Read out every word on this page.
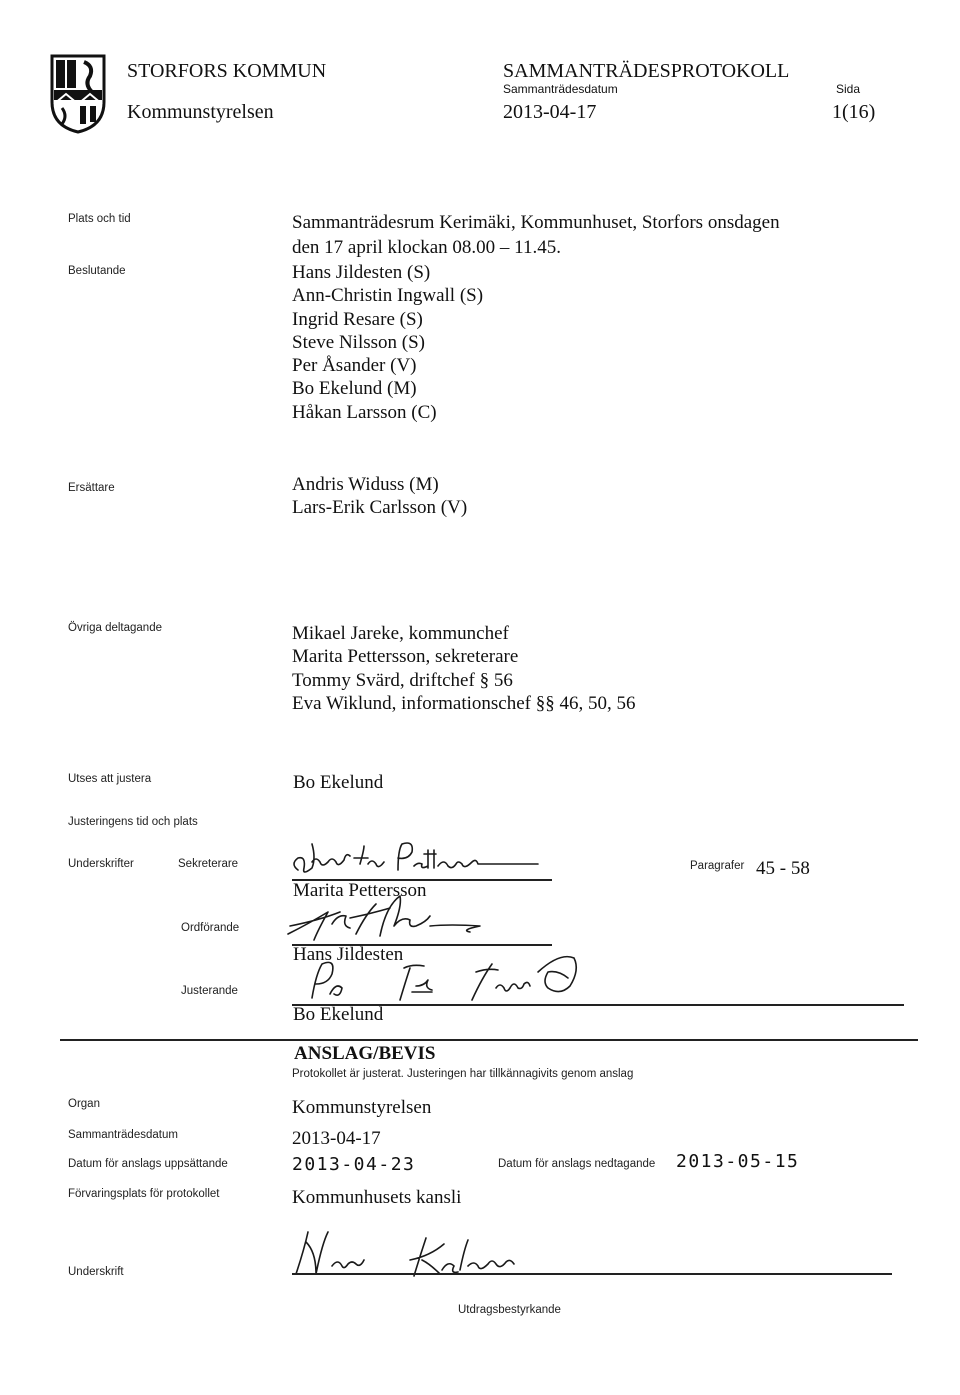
STORFORS KOMMUN
Kommunstyrelsen
SAMMANTRÄDESPROTOKOLL
Sammanträdesdatum
2013-04-17
Sida
1(16)
Plats och tid	Sammanträdesrum Kerimäki, Kommunhuset, Storfors onsdagen
den 17 april klockan 08.00 – 11.45.
Beslutande	Hans Jildesten (S)
Ann-Christin Ingwall (S)
Ingrid Resare (S)
Steve Nilsson (S)
Per Åsander (V)
Bo Ekelund (M)
Håkan Larsson (C)
Ersättare	Andris Widuss (M)
Lars-Erik Carlsson (V)
Övriga deltagande	Mikael Jareke, kommunchef
Marita Pettersson, sekreterare
Tommy Svärd, driftchef § 56
Eva Wiklund, informationschef §§ 46, 50, 56
Utses att justera	Bo Ekelund
Justeringens tid och plats
Underskrifter	Sekreterare	Paragrafer 45 - 58
Marita Pettersson
Ordförande
Hans Jildesten
Justerande
Bo Ekelund
ANSLAG/BEVIS
Protokollet är justerat. Justeringen har tillkännagivits genom anslag
Organ	Kommunstyrelsen
Sammanträdesdatum	2013-04-17
Datum för anslags uppsättande	2013-04-23	Datum för anslags nedtagande 2013-05-15
Förvaringsplats för protokollet	Kommunhusets kansli
Underskrift
Utdragsbestyrkande
